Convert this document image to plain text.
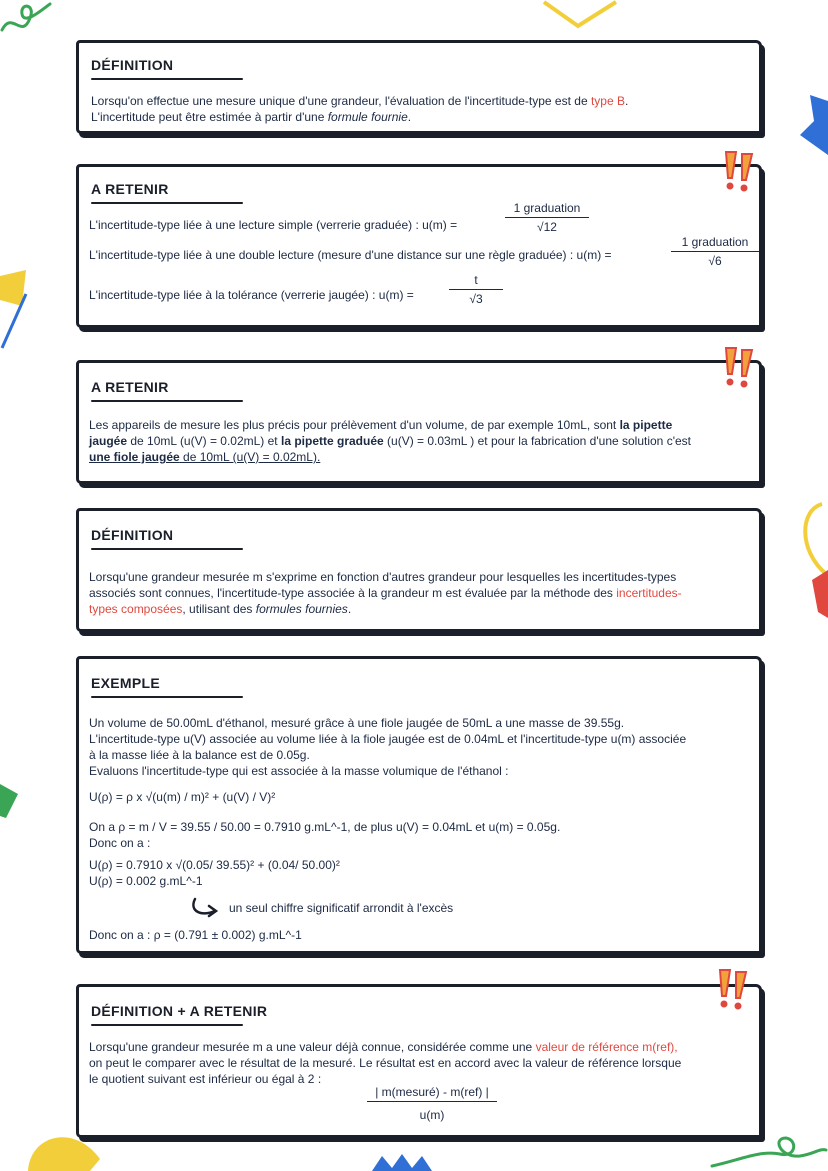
DÉFINITION
Lorsqu'on effectue une mesure unique d'une grandeur, l'évaluation de l'incertitude-type est de type B.
L'incertitude peut être estimée à partir d'une formule fournie.
A RETENIR
L'incertitude-type liée à une lecture simple (verrerie graduée) : u(m) =
1 graduation
√12
L'incertitude-type liée à une double lecture (mesure d'une distance sur une règle graduée) : u(m) =
1 graduation
√6
L'incertitude-type liée à la tolérance (verrerie jaugée) : u(m) =
t
√3
A RETENIR
Les appareils de mesure les plus précis pour prélèvement d'un volume, de par exemple 10mL, sont la pipette
jaugée de 10mL (u(V) = 0.02mL) et la pipette graduée (u(V) = 0.03mL ) et pour la fabrication d'une solution c'est
une fiole jaugée de 10mL (u(V) = 0.02mL).
DÉFINITION
Lorsqu'une grandeur mesurée m s'exprime en fonction d'autres grandeur pour lesquelles les incertitudes-types
associés sont connues, l'incertitude-type associée à la grandeur m est évaluée par la méthode des incertitudes-
types composées, utilisant des formules fournies.
EXEMPLE
Un volume de 50.00mL d'éthanol, mesuré grâce à une fiole jaugée de 50mL a une masse de 39.55g.
L'incertitude-type u(V) associée au volume liée à la fiole jaugée est de 0.04mL et l'incertitude-type u(m) associée
à la masse liée à la balance est de 0.05g.
Evaluons l'incertitude-type qui est associée à la masse volumique de l'éthanol :
U(ρ) = ρ x √(u(m) / m)² + (u(V) / V)²
On a ρ = m / V = 39.55 / 50.00 = 0.7910 g.mL^-1, de plus u(V) = 0.04mL et u(m) = 0.05g.
Donc on a :
U(ρ) = 0.7910 x √(0.05/ 39.55)² + (0.04/ 50.00)²
U(ρ) = 0.002 g.mL^-1
un seul chiffre significatif arrondit à l'excès
Donc on a : ρ = (0.791 ± 0.002) g.mL^-1
DÉFINITION + A RETENIR
Lorsqu'une grandeur mesurée m a une valeur déjà connue, considérée comme une valeur de référence m(ref),
on peut le comparer avec le résultat de la mesuré. Le résultat est en accord avec la valeur de référence lorsque
le quotient suivant est inférieur ou égal à 2 :
| m(mesuré) - m(ref) |
u(m)
